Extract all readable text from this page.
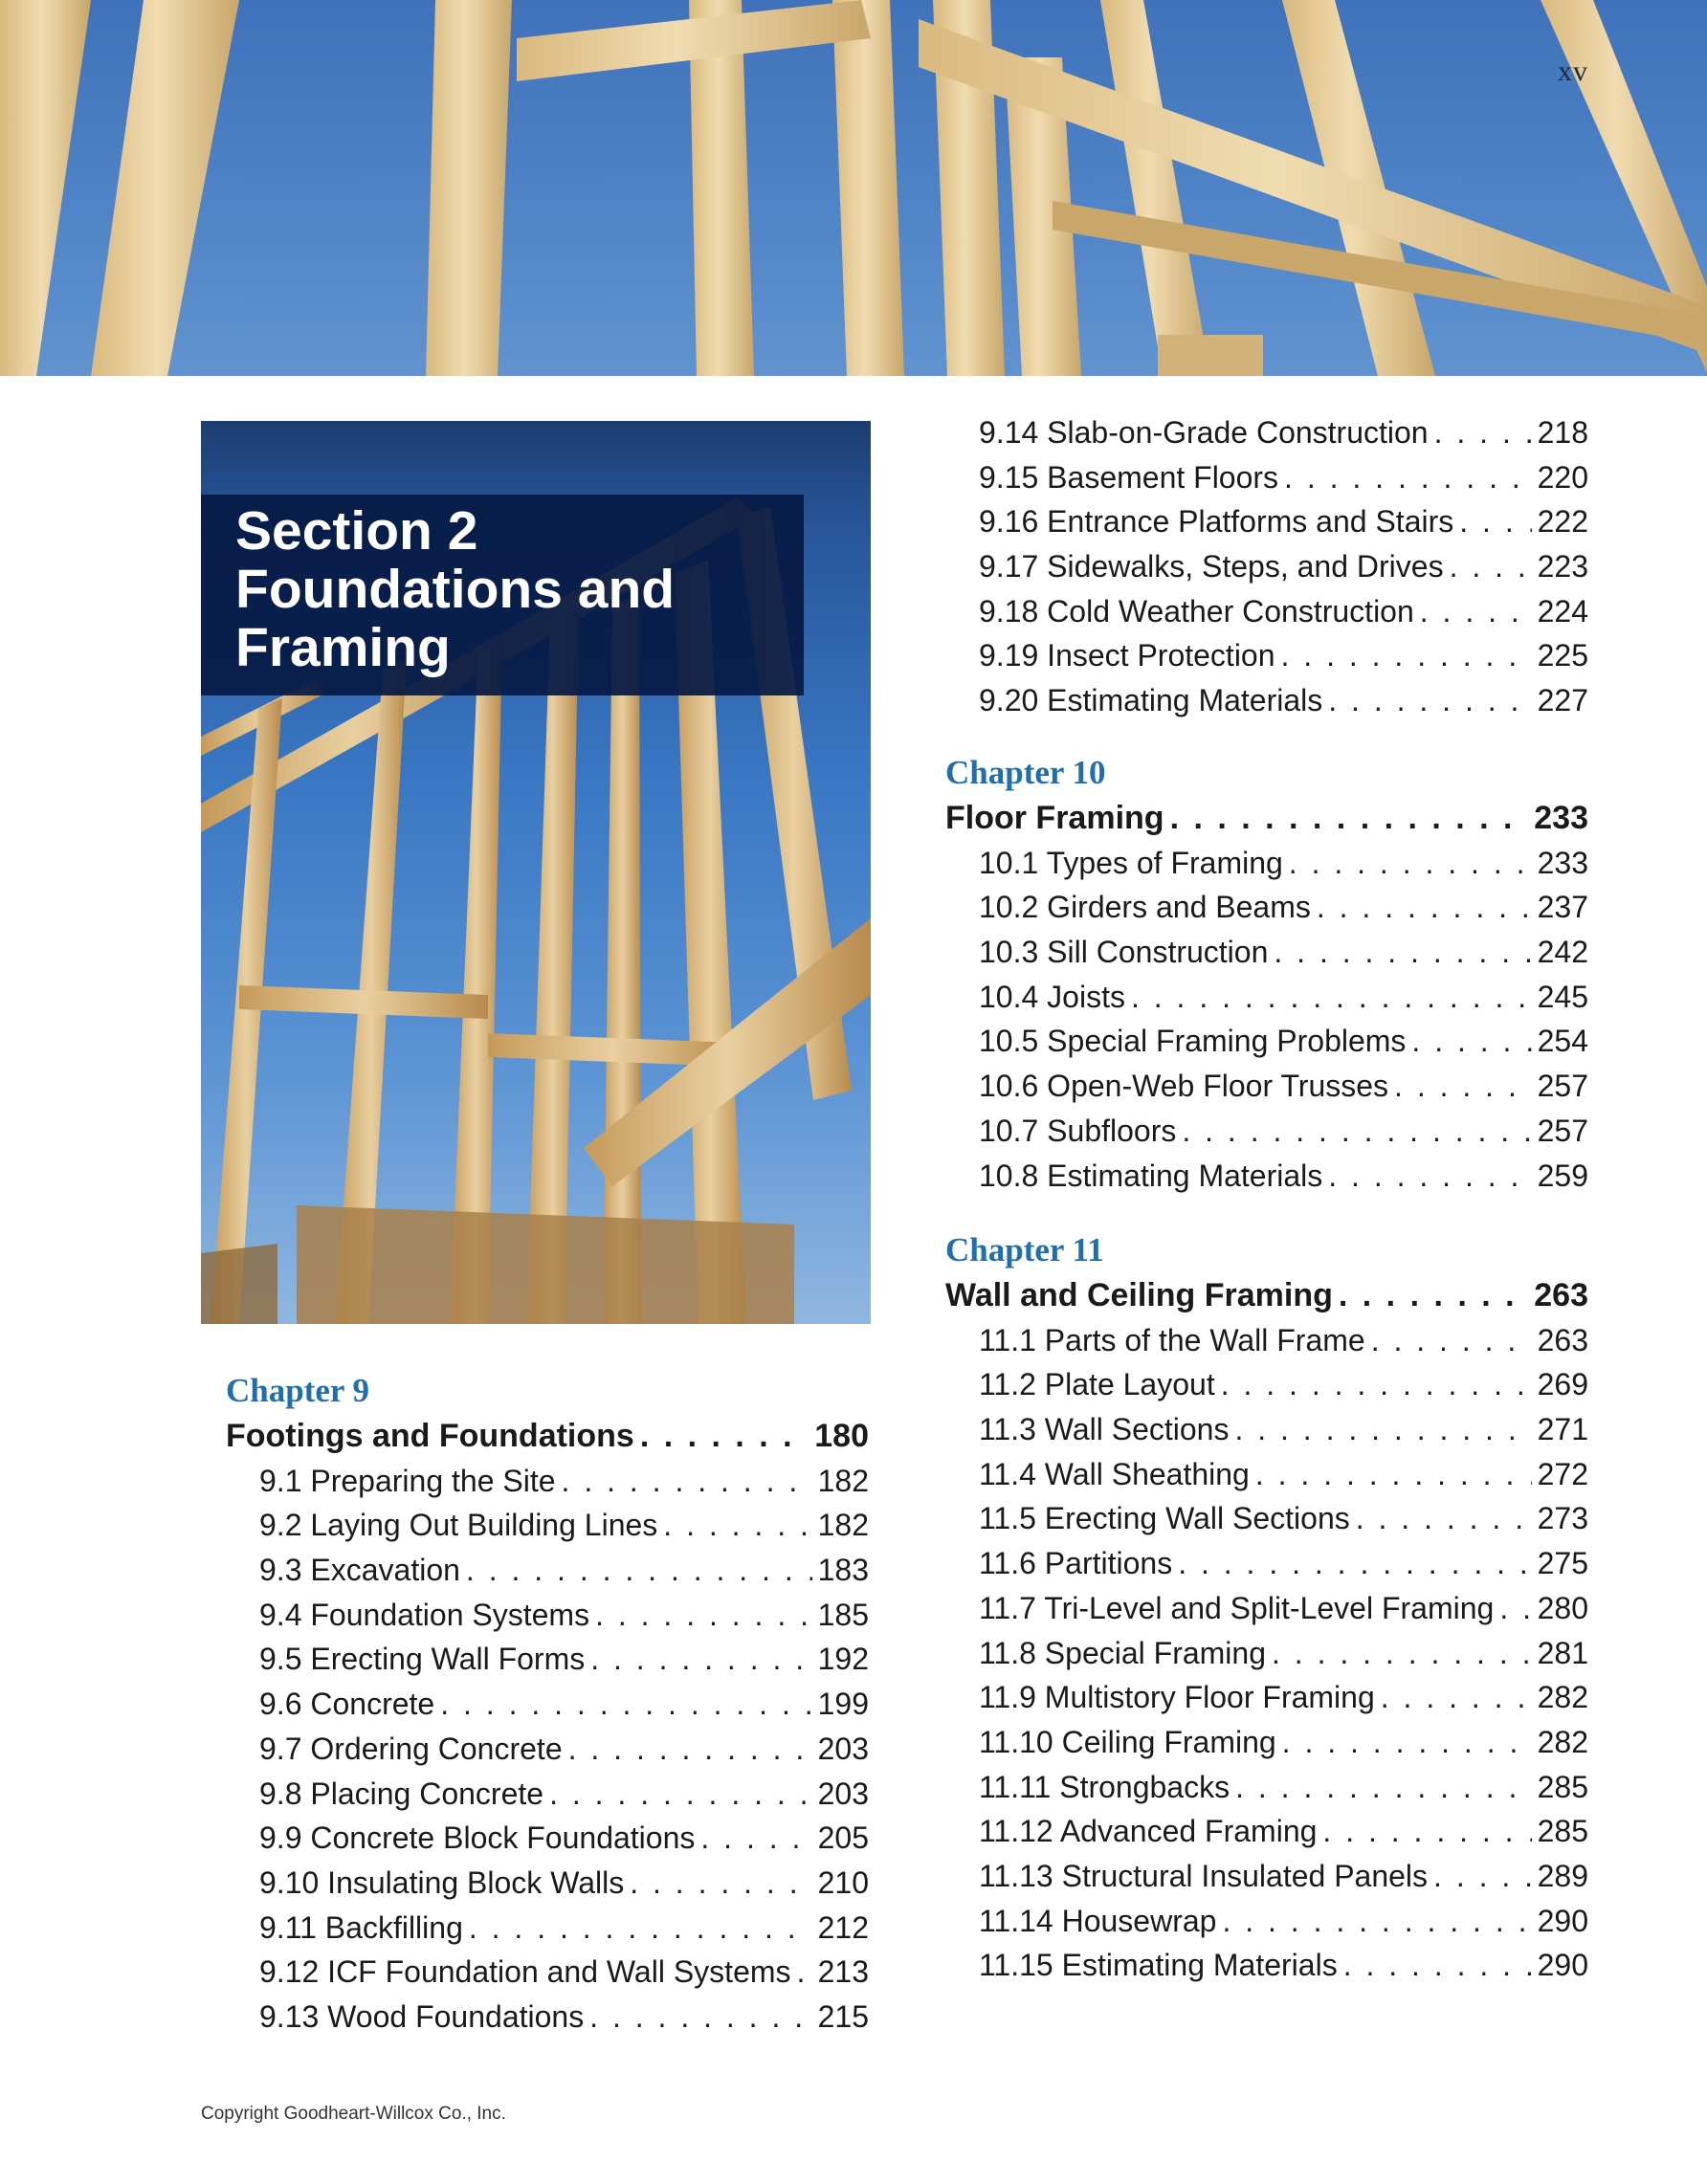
xv
Section 2
Foundations and
Framing
Chapter 9
Footings and Foundations . . .	180
9.1 Preparing the Site . . .	182
9.2 Laying Out Building Lines . . .	182
9.3 Excavation . . .	183
9.4 Foundation Systems . . .	185
9.5 Erecting Wall Forms . . .	192
9.6 Concrete . . .	199
9.7 Ordering Concrete . . .	203
9.8 Placing Concrete . . .	203
9.9 Concrete Block Foundations . . .	205
9.10 Insulating Block Walls . . .	210
9.11 Backfilling . . .	212
9.12 ICF Foundation and Wall Systems . . . 213
9.13 Wood Foundations . . .	215
9.14 Slab-on-Grade Construction . . .	218
9.15 Basement Floors . . .	220
9.16 Entrance Platforms and Stairs . . .	222
9.17 Sidewalks, Steps, and Drives . . .	223
9.18 Cold Weather Construction . . .	224
9.19 Insect Protection . . .	225
9.20 Estimating Materials . . .	227
Chapter 10
Floor Framing . . .	233
10.1 Types of Framing . . .	233
10.2 Girders and Beams . . .	237
10.3 Sill Construction . . .	242
10.4 Joists . . .	245
10.5 Special Framing Problems . . .	254
10.6 Open-Web Floor Trusses . . .	257
10.7 Subfloors . . .	257
10.8 Estimating Materials . . .	259
Chapter 11
Wall and Ceiling Framing . . .	263
11.1 Parts of the Wall Frame . . .	263
11.2 Plate Layout . . .	269
11.3 Wall Sections . . .	271
11.4 Wall Sheathing . . .	272
11.5 Erecting Wall Sections . . .	273
11.6 Partitions . . .	275
11.7 Tri-Level and Split-Level Framing . . . 280
11.8 Special Framing . . .	281
11.9 Multistory Floor Framing . . .	282
11.10 Ceiling Framing . . .	282
11.11 Strongbacks . . .	285
11.12 Advanced Framing . . .	285
11.13 Structural Insulated Panels . . .	289
11.14 Housewrap . . .	290
11.15 Estimating Materials . . .	290
Copyright Goodheart-Willcox Co., Inc.
